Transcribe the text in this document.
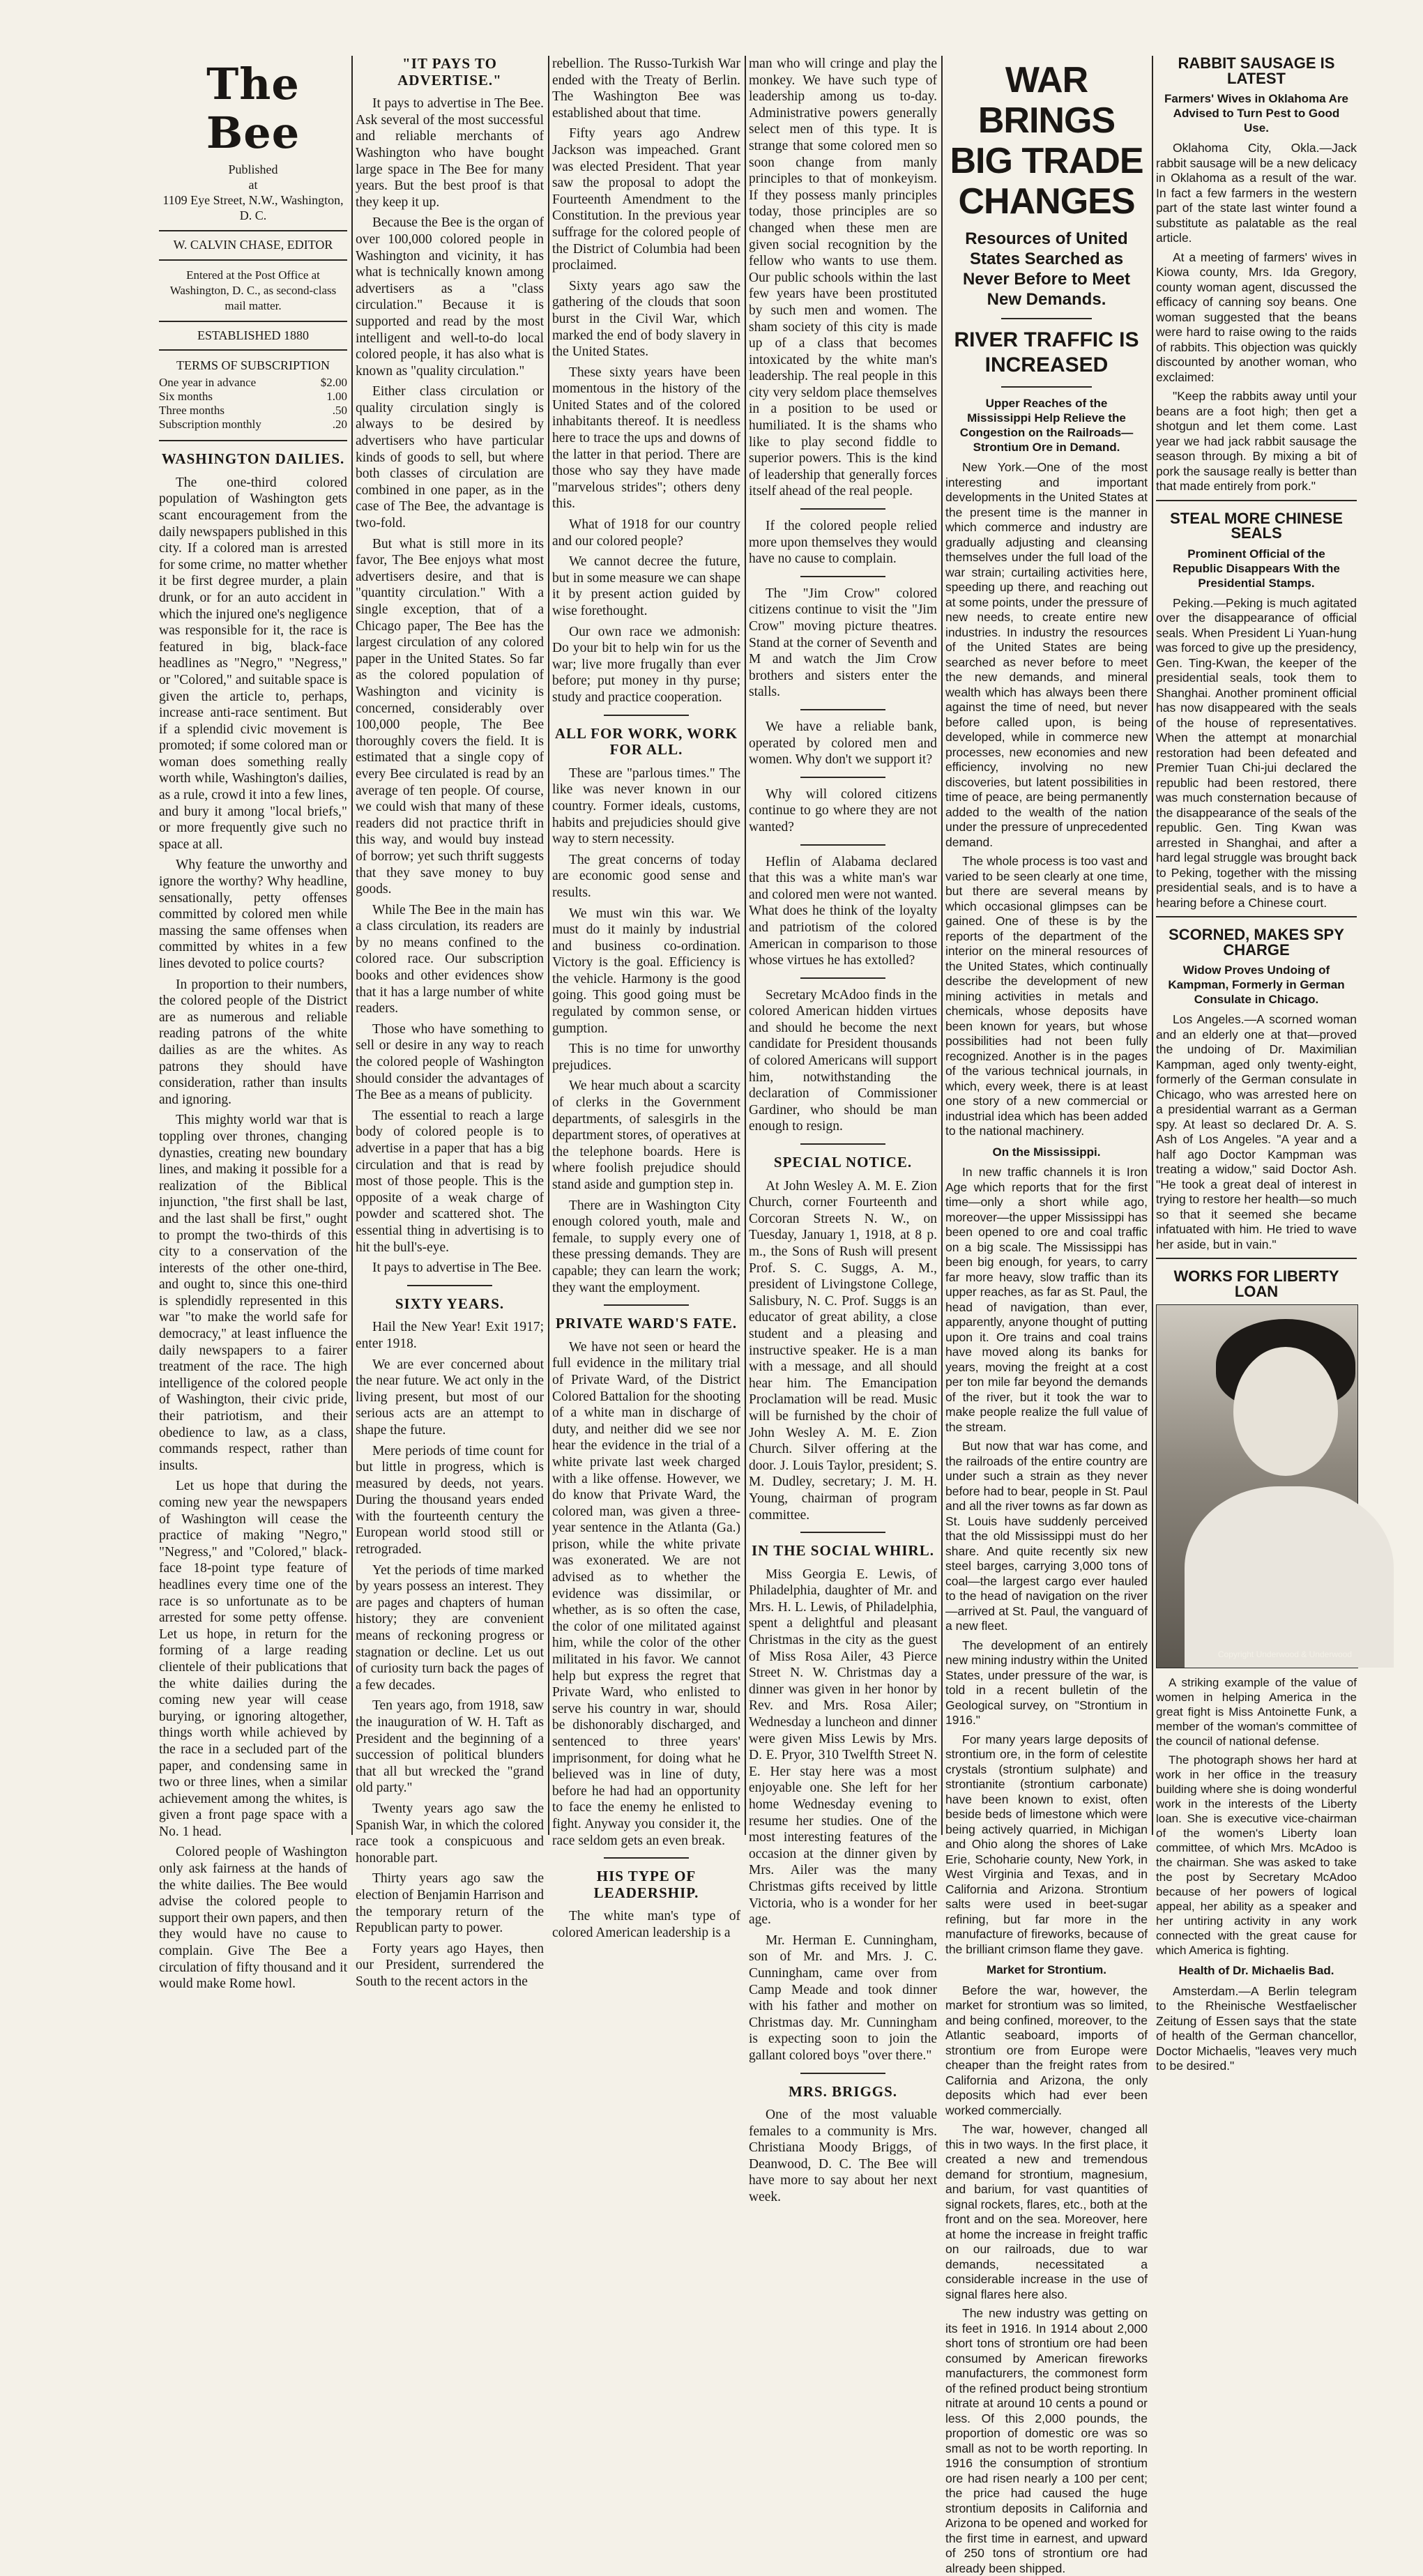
The Bee
Published
at
1109 Eye Street, N.W., Washington, D. C.
W. CALVIN CHASE, EDITOR
Entered at the Post Office at Washington, D. C., as second-class mail matter.
ESTABLISHED 1880
TERMS OF SUBSCRIPTION
One year in advance	$2.00
Six months	1.00
Three months	.50
Subscription monthly	.20
WASHINGTON DAILIES.

The one-third colored population of Washington gets scant encouragement from the daily newspapers published in this city. If a colored man is arrested for some crime, no matter whether it be first degree murder, a plain drunk, or for an auto accident in which the injured one's negligence was responsible for it, the race is featured in big, black-face headlines as "Negro," "Negress," or "Colored," and suitable space is given the article to, perhaps, increase anti-race sentiment. But if a splendid civic movement is promoted; if some colored man or woman does something really worth while, Washington's dailies, as a rule, crowd it into a few lines, and bury it among "local briefs," or more frequently give such no space at all.

Why feature the unworthy and ignore the worthy? Why headline, sensationally, petty offenses committed by colored men while massing the same offenses when committed by whites in a few lines devoted to police courts?

In proportion to their numbers, the colored people of the District are as numerous and reliable reading patrons of the white dailies as are the whites. As patrons they should have consideration, rather than insults and ignoring.

This mighty world war that is toppling over thrones, changing dynasties, creating new boundary lines, and making it possible for a realization of the Biblical injunction, "the first shall be last, and the last shall be first," ought to prompt the two-thirds of this city to a conservation of the interests of the other one-third, and ought to, since this one-third is splendidly represented in this war "to make the world safe for democracy," at least influence the daily newspapers to a fairer treatment of the race. The high intelligence of the colored people of Washington, their civic pride, their patriotism, and their obedience to law, as a class, commands respect, rather than insults.

Let us hope that during the coming new year the newspapers of Washington will cease the practice of making "Negro," "Negress," and "Colored," black-face 18-point type feature of headlines every time one of the race is so unfortunate as to be arrested for some petty offense. Let us hope, in return for the forming of a large reading clientele of their publications that the white dailies during the coming new year will cease burying, or ignoring altogether, things worth while achieved by the race in a secluded part of the paper, and condensing same in two or three lines, when a similar achievement among the whites, is given a front page space with a No. 1 head.

Colored people of Washington only ask fairness at the hands of the white dailies. The Bee would advise the colored people to support their own papers, and then they would have no cause to complain. Give The Bee a circulation of fifty thousand and it would make Rome howl.

"IT PAYS TO ADVERTISE."

It pays to advertise in The Bee. Ask several of the most successful and reliable merchants of Washington who have bought large space in The Bee for many years. But the best proof is that they keep it up.

Because the Bee is the organ of over 100,000 colored people in Washington and vicinity, it has what is technically known among advertisers as a "class circulation." Because it is supported and read by the most intelligent and well-to-do local colored people, it has also what is known as "quality circulation."

Either class circulation or quality circulation singly is always to be desired by advertisers who have particular kinds of goods to sell, but where both classes of circulation are combined in one paper, as in the case of The Bee, the advantage is two-fold.

But what is still more in its favor, The Bee enjoys what most advertisers desire, and that is "quantity circulation." With a single exception, that of a Chicago paper, The Bee has the largest circulation of any colored paper in the United States. So far as the colored population of Washington and vicinity is concerned, considerably over 100,000 people, The Bee thoroughly covers the field. It is estimated that a single copy of every Bee circulated is read by an average of ten people. Of course, we could wish that many of these readers did not practice thrift in this way, and would buy instead of borrow; yet such thrift suggests that they save money to buy goods.

While The Bee in the main has a class circulation, its readers are by no means confined to the colored race. Our subscription books and other evidences show that it has a large number of white readers.

Those who have something to sell or desire in any way to reach the colored people of Washington should consider the advantages of The Bee as a means of publicity.

The essential to reach a large body of colored people is to advertise in a paper that has a big circulation and that is read by most of those people. This is the opposite of a weak charge of powder and scattered shot. The essential thing in advertising is to hit the bull's-eye.

It pays to advertise in The Bee.

SIXTY YEARS.

Hail the New Year! Exit 1917; enter 1918.

We are ever concerned about the near future. We act only in the living present, but most of our serious acts are an attempt to shape the future.

Mere periods of time count for but little in progress, which is measured by deeds, not years. During the thousand years ended with the fourteenth century the European world stood still or retrograded.

Yet the periods of time marked by years possess an interest. They are pages and chapters of human history; they are convenient means of reckoning progress or stagnation or decline. Let us out of curiosity turn back the pages of a few decades.

Ten years ago, from 1918, saw the inauguration of W. H. Taft as President and the beginning of a succession of political blunders that all but wrecked the "grand old party."

Twenty years ago saw the Spanish War, in which the colored race took a conspicuous and honorable part.

Thirty years ago saw the election of Benjamin Harrison and the temporary return of the Republican party to power.

Forty years ago Hayes, then our President, surrendered the South to the recent actors in the

rebellion. The Russo-Turkish War ended with the Treaty of Berlin. The Washington Bee was established about that time.

Fifty years ago Andrew Jackson was impeached. Grant was elected President. That year saw the proposal to adopt the Fourteenth Amendment to the Constitution. In the previous year suffrage for the colored people of the District of Columbia had been proclaimed.

Sixty years ago saw the gathering of the clouds that soon burst in the Civil War, which marked the end of body slavery in the United States.

These sixty years have been momentous in the history of the United States and of the colored inhabitants thereof. It is needless here to trace the ups and downs of the latter in that period. There are those who say they have made "marvelous strides"; others deny this.

What of 1918 for our country and our colored people?

We cannot decree the future, but in some measure we can shape it by present action guided by wise forethought.

Our own race we admonish: Do your bit to help win for us the war; live more frugally than ever before; put money in thy purse; study and practice cooperation.

ALL FOR WORK, WORK FOR ALL.

These are "parlous times." The like was never known in our country. Former ideals, customs, habits and prejudicies should give way to stern necessity.

The great concerns of today are economic good sense and results.

We must win this war. We must do it mainly by industrial and business co-ordination. Victory is the goal. Efficiency is the vehicle. Harmony is the good going. This good going must be regulated by common sense, or gumption.

This is no time for unworthy prejudices.

We hear much about a scarcity of clerks in the Government departments, of salesgirls in the department stores, of operatives at the telephone boards. Here is where foolish prejudice should stand aside and gumption step in.

There are in Washington City enough colored youth, male and female, to supply every one of these pressing demands. They are capable; they can learn the work; they want the employment.

PRIVATE WARD'S FATE.

We have not seen or heard the full evidence in the military trial of Private Ward, of the District Colored Battalion for the shooting of a white man in discharge of duty, and neither did we see nor hear the evidence in the trial of a white private last week charged with a like offense. However, we do know that Private Ward, the colored man, was given a three-year sentence in the Atlanta (Ga.) prison, while the white private was exonerated. We are not advised as to whether the evidence was dissimilar, or whether, as is so often the case, the color of one militated against him, while the color of the other militated in his favor. We cannot help but express the regret that Private Ward, who enlisted to serve his country in war, should be dishonorably discharged, and sentenced to three years' imprisonment, for doing what he believed was in line of duty, before he had had an opportunity to face the enemy he enlisted to fight. Anyway you consider it, the race seldom gets an even break.

HIS TYPE OF LEADERSHIP.

The white man's type of colored American leadership is a

man who will cringe and play the monkey. We have such type of leadership among us to-day. Administrative powers generally select men of this type. It is strange that some colored men so soon change from manly principles to that of monkeyism. If they possess manly principles today, those principles are so changed when these men are given social recognition by the fellow who wants to use them. Our public schools within the last few years have been prostituted by such men and women. The sham society of this city is made up of a class that becomes intoxicated by the white man's leadership. The real people in this city very seldom place themselves in a position to be used or humiliated. It is the shams who like to play second fiddle to superior powers. This is the kind of leadership that generally forces itself ahead of the real people.

If the colored people relied more upon themselves they would have no cause to complain.

The "Jim Crow" colored citizens continue to visit the "Jim Crow" moving picture theatres. Stand at the corner of Seventh and M and watch the Jim Crow brothers and sisters enter the stalls.

We have a reliable bank, operated by colored men and women. Why don't we support it?

Why will colored citizens continue to go where they are not wanted?

Heflin of Alabama declared that this was a white man's war and colored men were not wanted. What does he think of the loyalty and patriotism of the colored American in comparison to those whose virtues he has extolled?

Secretary McAdoo finds in the colored American hidden virtues and should he become the next candidate for President thousands of colored Americans will support him, notwithstanding the declaration of Commissioner Gardiner, who should be man enough to resign.

SPECIAL NOTICE.

At John Wesley A. M. E. Zion Church, corner Fourteenth and Corcoran Streets N. W., on Tuesday, January 1, 1918, at 8 p. m., the Sons of Rush will present Prof. S. C. Suggs, A. M., president of Livingstone College, Salisbury, N. C. Prof. Suggs is an educator of great ability, a close student and a pleasing and instructive speaker. He is a man with a message, and all should hear him. The Emancipation Proclamation will be read. Music will be furnished by the choir of John Wesley A. M. E. Zion Church. Silver offering at the door. J. Louis Taylor, president; S. M. Dudley, secretary; J. M. H. Young, chairman of program committee.

IN THE SOCIAL WHIRL.

Miss Georgia E. Lewis, of Philadelphia, daughter of Mr. and Mrs. H. L. Lewis, of Philadelphia, spent a delightful and pleasant Christmas in the city as the guest of Miss Rosa Ailer, 43 Pierce Street N. W. Christmas day a dinner was given in her honor by Rev. and Mrs. Rosa Ailer; Wednesday a luncheon and dinner were given Miss Lewis by Mrs. D. E. Pryor, 310 Twelfth Street N. E. Her stay here was a most enjoyable one. She left for her home Wednesday evening to resume her studies. One of the most interesting features of the occasion at the dinner given by Mrs. Ailer was the many Christmas gifts received by little Victoria, who is a wonder for her age.

Mr. Herman E. Cunningham, son of Mr. and Mrs. J. C. Cunningham, came over from Camp Meade and took dinner with his father and mother on Christmas day. Mr. Cunningham is expecting soon to join the gallant colored boys "over there."

MRS. BRIGGS.

One of the most valuable females to a community is Mrs. Christiana Moody Briggs, of Deanwood, D. C. The Bee will have more to say about her next week.

WAR BRINGS BIG TRADE CHANGES
Resources of United States Searched as Never Before to Meet New Demands.
RIVER TRAFFIC IS INCREASED
Upper Reaches of the Mississippi Help Relieve the Congestion on the Railroads—Strontium Ore in Demand.

New York.—One of the most interesting and important developments in the United States at the present time is the manner in which commerce and industry are gradually adjusting and cleansing themselves under the full load of the war strain; curtailing activities here, speeding up there, and reaching out at some points, under the pressure of new needs, to create entire new industries. In industry the resources of the United States are being searched as never before to meet the new demands, and mineral wealth which has always been there against the time of need, but never before called upon, is being developed, while in commerce new processes, new economies and new efficiency, involving no new discoveries, but latent possibilities in time of peace, are being permanently added to the wealth of the nation under the pressure of unprecedented demand.

The whole process is too vast and varied to be seen clearly at one time, but there are several means by which occasional glimpses can be gained. One of these is by the reports of the department of the interior on the mineral resources of the United States, which continually describe the development of new mining activities in metals and chemicals, whose deposits have been known for years, but whose possibilities had not been fully recognized. Another is in the pages of the various technical journals, in which, every week, there is at least one story of a new commercial or industrial idea which has been added to the national machinery.

On the Mississippi.

In new traffic channels it is Iron Age which reports that for the first time—only a short while ago, moreover—the upper Mississippi has been opened to ore and coal traffic on a big scale. The Mississippi has been big enough, for years, to carry far more heavy, slow traffic than its upper reaches, as far as St. Paul, the head of navigation, than ever, apparently, anyone thought of putting upon it. Ore trains and coal trains have moved along its banks for years, moving the freight at a cost per ton mile far beyond the demands of the river, but it took the war to make people realize the full value of the stream.

But now that war has come, and the railroads of the entire country are under such a strain as they never before had to bear, people in St. Paul and all the river towns as far down as St. Louis have suddenly perceived that the old Mississippi must do her share. And quite recently six new steel barges, carrying 3,000 tons of coal—the largest cargo ever hauled to the head of navigation on the river—arrived at St. Paul, the vanguard of a new fleet.

The development of an entirely new mining industry within the United States, under pressure of the war, is told in a recent bulletin of the Geological survey, on "Strontium in 1916."

For many years large deposits of strontium ore, in the form of celestite crystals (strontium sulphate) and strontianite (strontium carbonate) have been known to exist, often beside beds of limestone which were being actively quarried, in Michigan and Ohio along the shores of Lake Erie, Schoharie county, New York, in West Virginia and Texas, and in California and Arizona. Strontium salts were used in beet-sugar refining, but far more in the manufacture of fireworks, because of the brilliant crimson flame they gave.

Market for Strontium.

Before the war, however, the market for strontium was so limited, and being confined, moreover, to the Atlantic seaboard, imports of strontium ore from Europe were cheaper than the freight rates from California and Arizona, the only deposits which had ever been worked commercially.

The war, however, changed all this in two ways. In the first place, it created a new and tremendous demand for strontium, magnesium, and barium, for vast quantities of signal rockets, flares, etc., both at the front and on the sea. Moreover, here at home the increase in freight traffic on our railroads, due to war demands, necessitated a considerable increase in the use of signal flares here also.

The new industry was getting on its feet in 1916. In 1914 about 2,000 short tons of strontium ore had been consumed by American fireworks manufacturers, the commonest form of the refined product being strontium nitrate at around 10 cents a pound or less. Of this 2,000 pounds, the proportion of domestic ore was so small as not to be worth reporting. In 1916 the consumption of strontium ore had risen nearly a 100 per cent; the price had caused the huge strontium deposits in California and Arizona to be opened and worked for the first time in earnest, and upward of 250 tons of strontium ore had already been shipped.

RABBIT SAUSAGE IS LATEST
Farmers' Wives in Oklahoma Are Advised to Turn Pest to Good Use.

Oklahoma City, Okla.—Jack rabbit sausage will be a new delicacy in Oklahoma as a result of the war. In fact a few farmers in the western part of the state last winter found a substitute as palatable as the real article.

At a meeting of farmers' wives in Kiowa county, Mrs. Ida Gregory, county woman agent, discussed the efficacy of canning soy beans. One woman suggested that the beans were hard to raise owing to the raids of rabbits. This objection was quickly discounted by another woman, who exclaimed:

"Keep the rabbits away until your beans are a foot high; then get a shotgun and let them come. Last year we had jack rabbit sausage the season through. By mixing a bit of pork the sausage really is better than that made entirely from pork."

STEAL MORE CHINESE SEALS
Prominent Official of the Republic Disappears With the Presidential Stamps.

Peking.—Peking is much agitated over the disappearance of official seals. When President Li Yuan-hung was forced to give up the presidency, Gen. Ting-Kwan, the keeper of the presidential seals, took them to Shanghai. Another prominent official has now disappeared with the seals of the house of representatives. When the attempt at monarchial restoration had been defeated and Premier Tuan Chi-jui declared the republic had been restored, there was much consternation because of the disappearance of the seals of the republic. Gen. Ting Kwan was arrested in Shanghai, and after a hard legal struggle was brought back to Peking, together with the missing presidential seals, and is to have a hearing before a Chinese court.

SCORNED, MAKES SPY CHARGE
Widow Proves Undoing of Kampman, Formerly in German Consulate in Chicago.

Los Angeles.—A scorned woman and an elderly one at that—proved the undoing of Dr. Maximilian Kampman, aged only twenty-eight, formerly of the German consulate in Chicago, who was arrested here on a presidential warrant as a German spy. At least so declared Dr. A. S. Ash of Los Angeles. "A year and a half ago Doctor Kampman was treating a widow," said Doctor Ash. "He took a great deal of interest in trying to restore her health—so much so that it seemed she became infatuated with him. He tried to wave her aside, but in vain."

WORKS FOR LIBERTY LOAN
Copyright Underwood & Underwood

A striking example of the value of women in helping America in the great fight is Miss Antoinette Funk, a member of the woman's committee of the council of national defense.

The photograph shows her hard at work in her office in the treasury building where she is doing wonderful work in the interests of the Liberty loan. She is executive vice-chairman of the women's Liberty loan committee, of which Mrs. McAdoo is the chairman. She was asked to take the post by Secretary McAdoo because of her powers of logical appeal, her ability as a speaker and her untiring activity in any work connected with the great cause for which America is fighting.

Health of Dr. Michaelis Bad.

Amsterdam.—A Berlin telegram to the Rheinische Westfaelischer Zeitung of Essen says that the state of health of the German chancellor, Doctor Michaelis, "leaves very much to be desired."
